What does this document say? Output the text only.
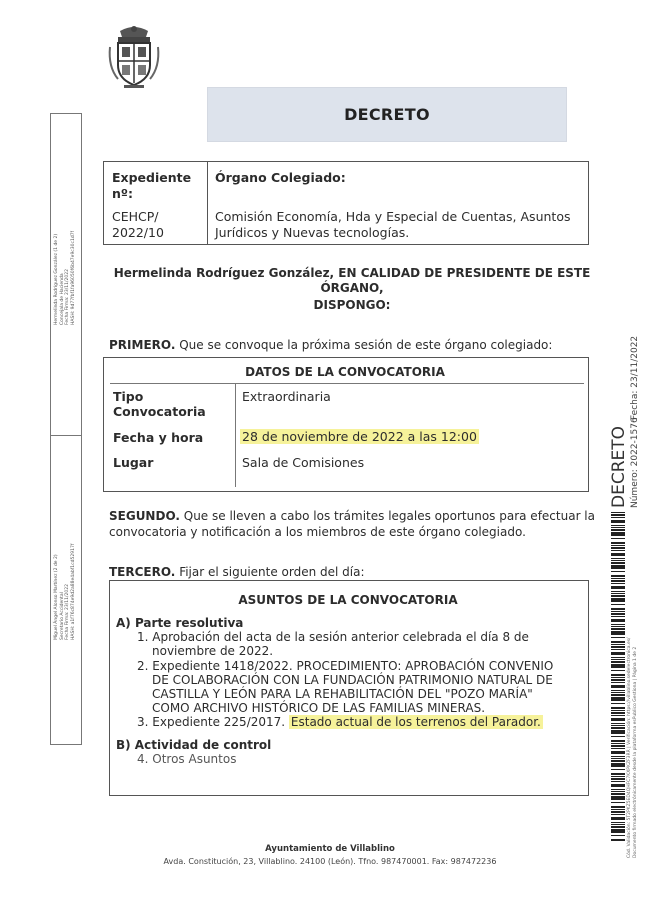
DECRETO
Hermelinda Rodríguez González (1 de 2) Concejala de Hacienda Fecha Firma: 23/11/2022 HASH: 9d77fbf1fa96050f6b47e9c30c1d7f
Miguel Ángel Alonso Martínez (2 de 2) Secretario Accidental Fecha Firma: 23/11/2022 HASH: a1f76c874e9d2a88e4abf1cd52917f
Expediente nº:
CEHCP/
2022/10
Órgano Colegiado:
Comisión Economía, Hda y Especial de Cuentas, Asuntos
Jurídicos y Nuevas tecnologías.
Hermelinda Rodríguez González, EN CALIDAD DE PRESIDENTE DE ESTE
ÓRGANO,
DISPONGO:
PRIMERO. Que se convoque la próxima sesión de este órgano colegiado:
DATOS DE LA CONVOCATORIA
Tipo
Convocatoria
Extraordinaria
Fecha y hora	28 de noviembre de 2022 a las 12:00
Lugar	Sala de Comisiones
SEGUNDO. Que se lleven a cabo los trámites legales oportunos para efectuar la
convocatoria y notificación a los miembros de este órgano colegiado.
TERCERO. Fijar el siguiente orden del día:
ASUNTOS DE LA CONVOCATORIA
A) Parte resolutiva
1. Aprobación del acta de la sesión anterior celebrada el día 8 de
noviembre de 2022.
2. Expediente 1418/2022. PROCEDIMIENTO: APROBACIÓN CONVENIO
DE COLABORACIÓN CON LA FUNDACIÓN PATRIMONIO NATURAL DE
CASTILLA Y LEÓN PARA LA REHABILITACIÓN DEL "POZO MARÍA"
COMO ARCHIVO HISTÓRICO DE LAS FAMILIAS MINERAS.
3. Expediente 225/2017. Estado actual de los terrenos del Parador.
B) Actividad de control
4. Otros Asuntos
DECRETO Número: 2022-1576
Fecha: 23/11/2022
Cód. Validación: 5T2PKZ5ED4QHFC7KXPKZF3RR | Verificación: https://villablino.sedelectronica.es/ Documento firmado electrónicamente desde la plataforma esPublico Gestiona | Página 1 de 2
Ayuntamiento de Villablino
Avda. Constitución, 23, Villablino. 24100 (León). Tfno. 987470001. Fax: 987472236
